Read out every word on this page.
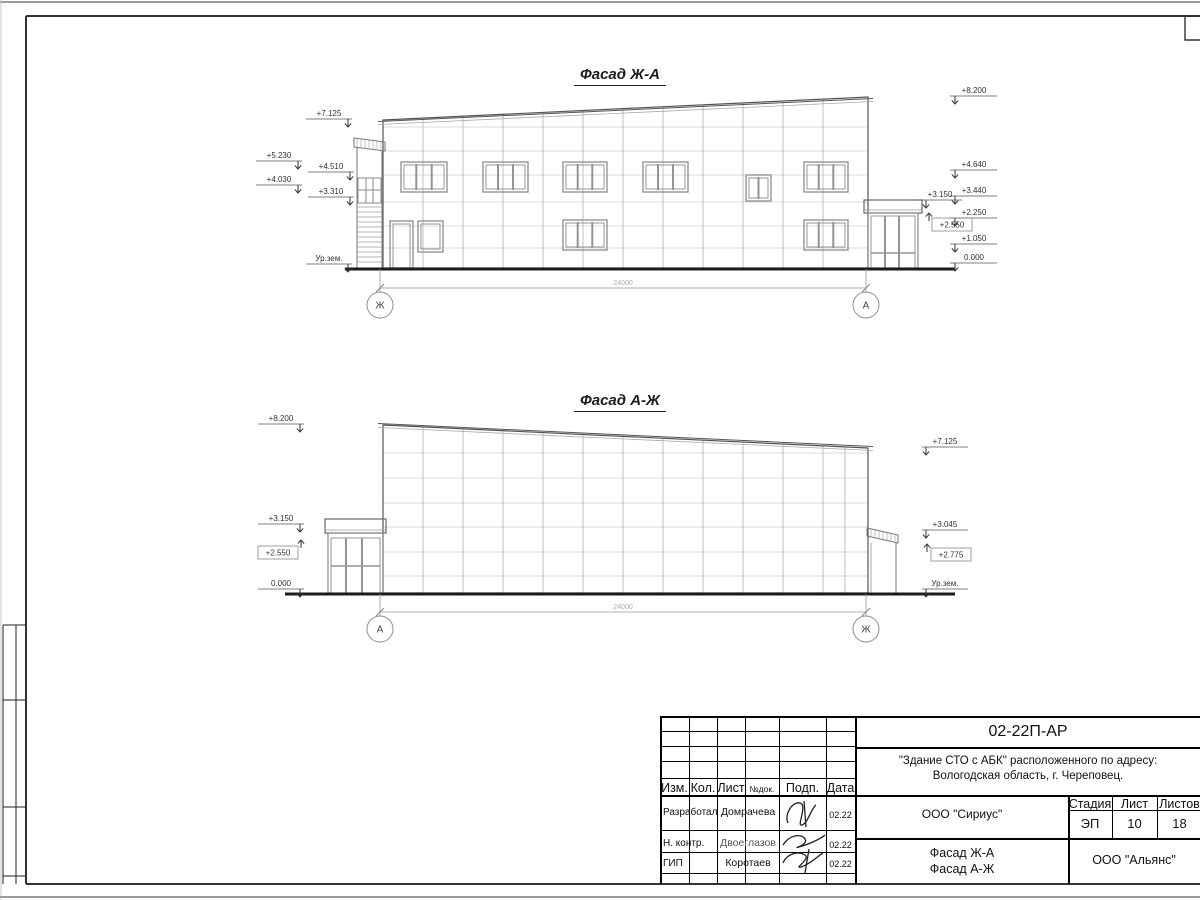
24000
Ж	А
+7.125
+5.230
+4.510
+4.030
+3.310
Ур.зем.
+8.200
+4.640
+3.440
+2.250
+1.050
0.000
+3.150
+2.550
24000
А	Ж
+8.200
+3.150
+2.550
0.000
+7.125
+3.045
+2.775
Ур.зем.
Фасад Ж-А
Фасад А-Ж
Изм. Кол. Лист №док. Подп. Дата
Разработал Домрачева	02.22
Н. контр. Двоеглазов	02.22
ГИП	Коротаев	02.22
02-22П-АР
"Здание СТО с АБК" расположенного по адресу:
Вологодская область, г. Череповец.
ООО "Сириус"
Стадия Лист Листов
ЭП	10	18
Фасад Ж-А
Фасад А-Ж
ООО "Альянс"
